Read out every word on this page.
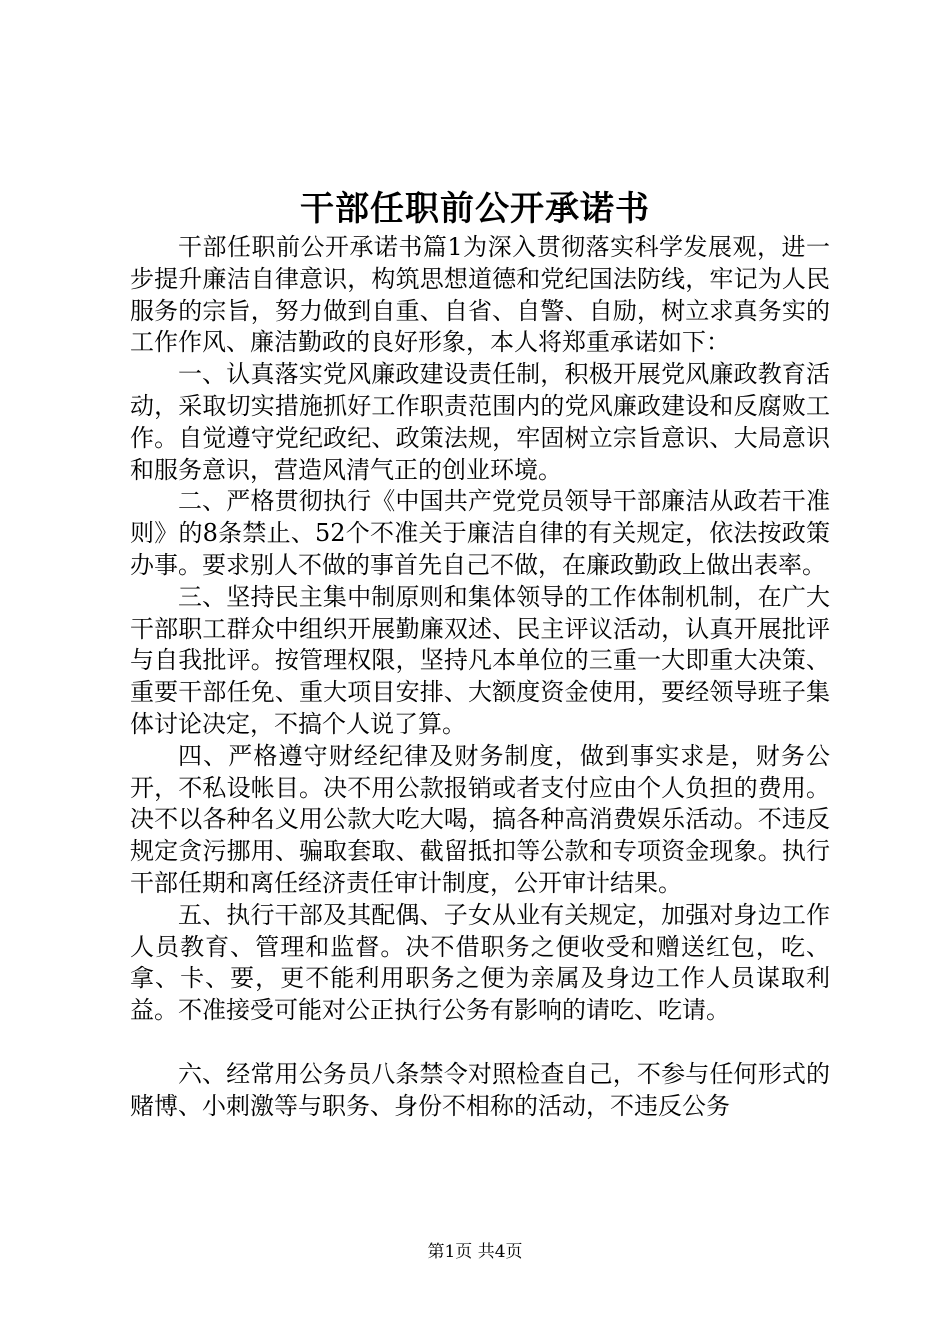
干部任职前公开承诺书

干部任职前公开承诺书篇1为深入贯彻落实科学发展观，进一步提升廉洁自律意识，构筑思想道德和党纪国法防线，牢记为人民服务的宗旨，努力做到自重、自省、自警、自励，树立求真务实的工作作风、廉洁勤政的良好形象，本人将郑重承诺如下：

一、认真落实党风廉政建设责任制，积极开展党风廉政教育活动，采取切实措施抓好工作职责范围内的党风廉政建设和反腐败工作。自觉遵守党纪政纪、政策法规，牢固树立宗旨意识、大局意识和服务意识，营造风清气正的创业环境。

二、严格贯彻执行《中国共产党党员领导干部廉洁从政若干准则》的8条禁止、52个不准关于廉洁自律的有关规定，依法按政策办事。要求别人不做的事首先自己不做，在廉政勤政上做出表率。

三、坚持民主集中制原则和集体领导的工作体制机制，在广大干部职工群众中组织开展勤廉双述、民主评议活动，认真开展批评与自我批评。按管理权限，坚持凡本单位的三重一大即重大决策、重要干部任免、重大项目安排、大额度资金使用，要经领导班子集体讨论决定，不搞个人说了算。

四、严格遵守财经纪律及财务制度，做到事实求是，财务公开，不私设帐目。决不用公款报销或者支付应由个人负担的费用。决不以各种名义用公款大吃大喝，搞各种高消费娱乐活动。不违反规定贪污挪用、骗取套取、截留抵扣等公款和专项资金现象。执行干部任期和离任经济责任审计制度，公开审计结果。

五、执行干部及其配偶、子女从业有关规定，加强对身边工作人员教育、管理和监督。决不借职务之便收受和赠送红包，吃、拿、卡、要，更不能利用职务之便为亲属及身边工作人员谋取利益。不准接受可能对公正执行公务有影响的请吃、吃请。

六、经常用公务员八条禁令对照检查自己，不参与任何形式的赌博、小刺激等与职务、身份不相称的活动，不违反公务

第1页 共4页
